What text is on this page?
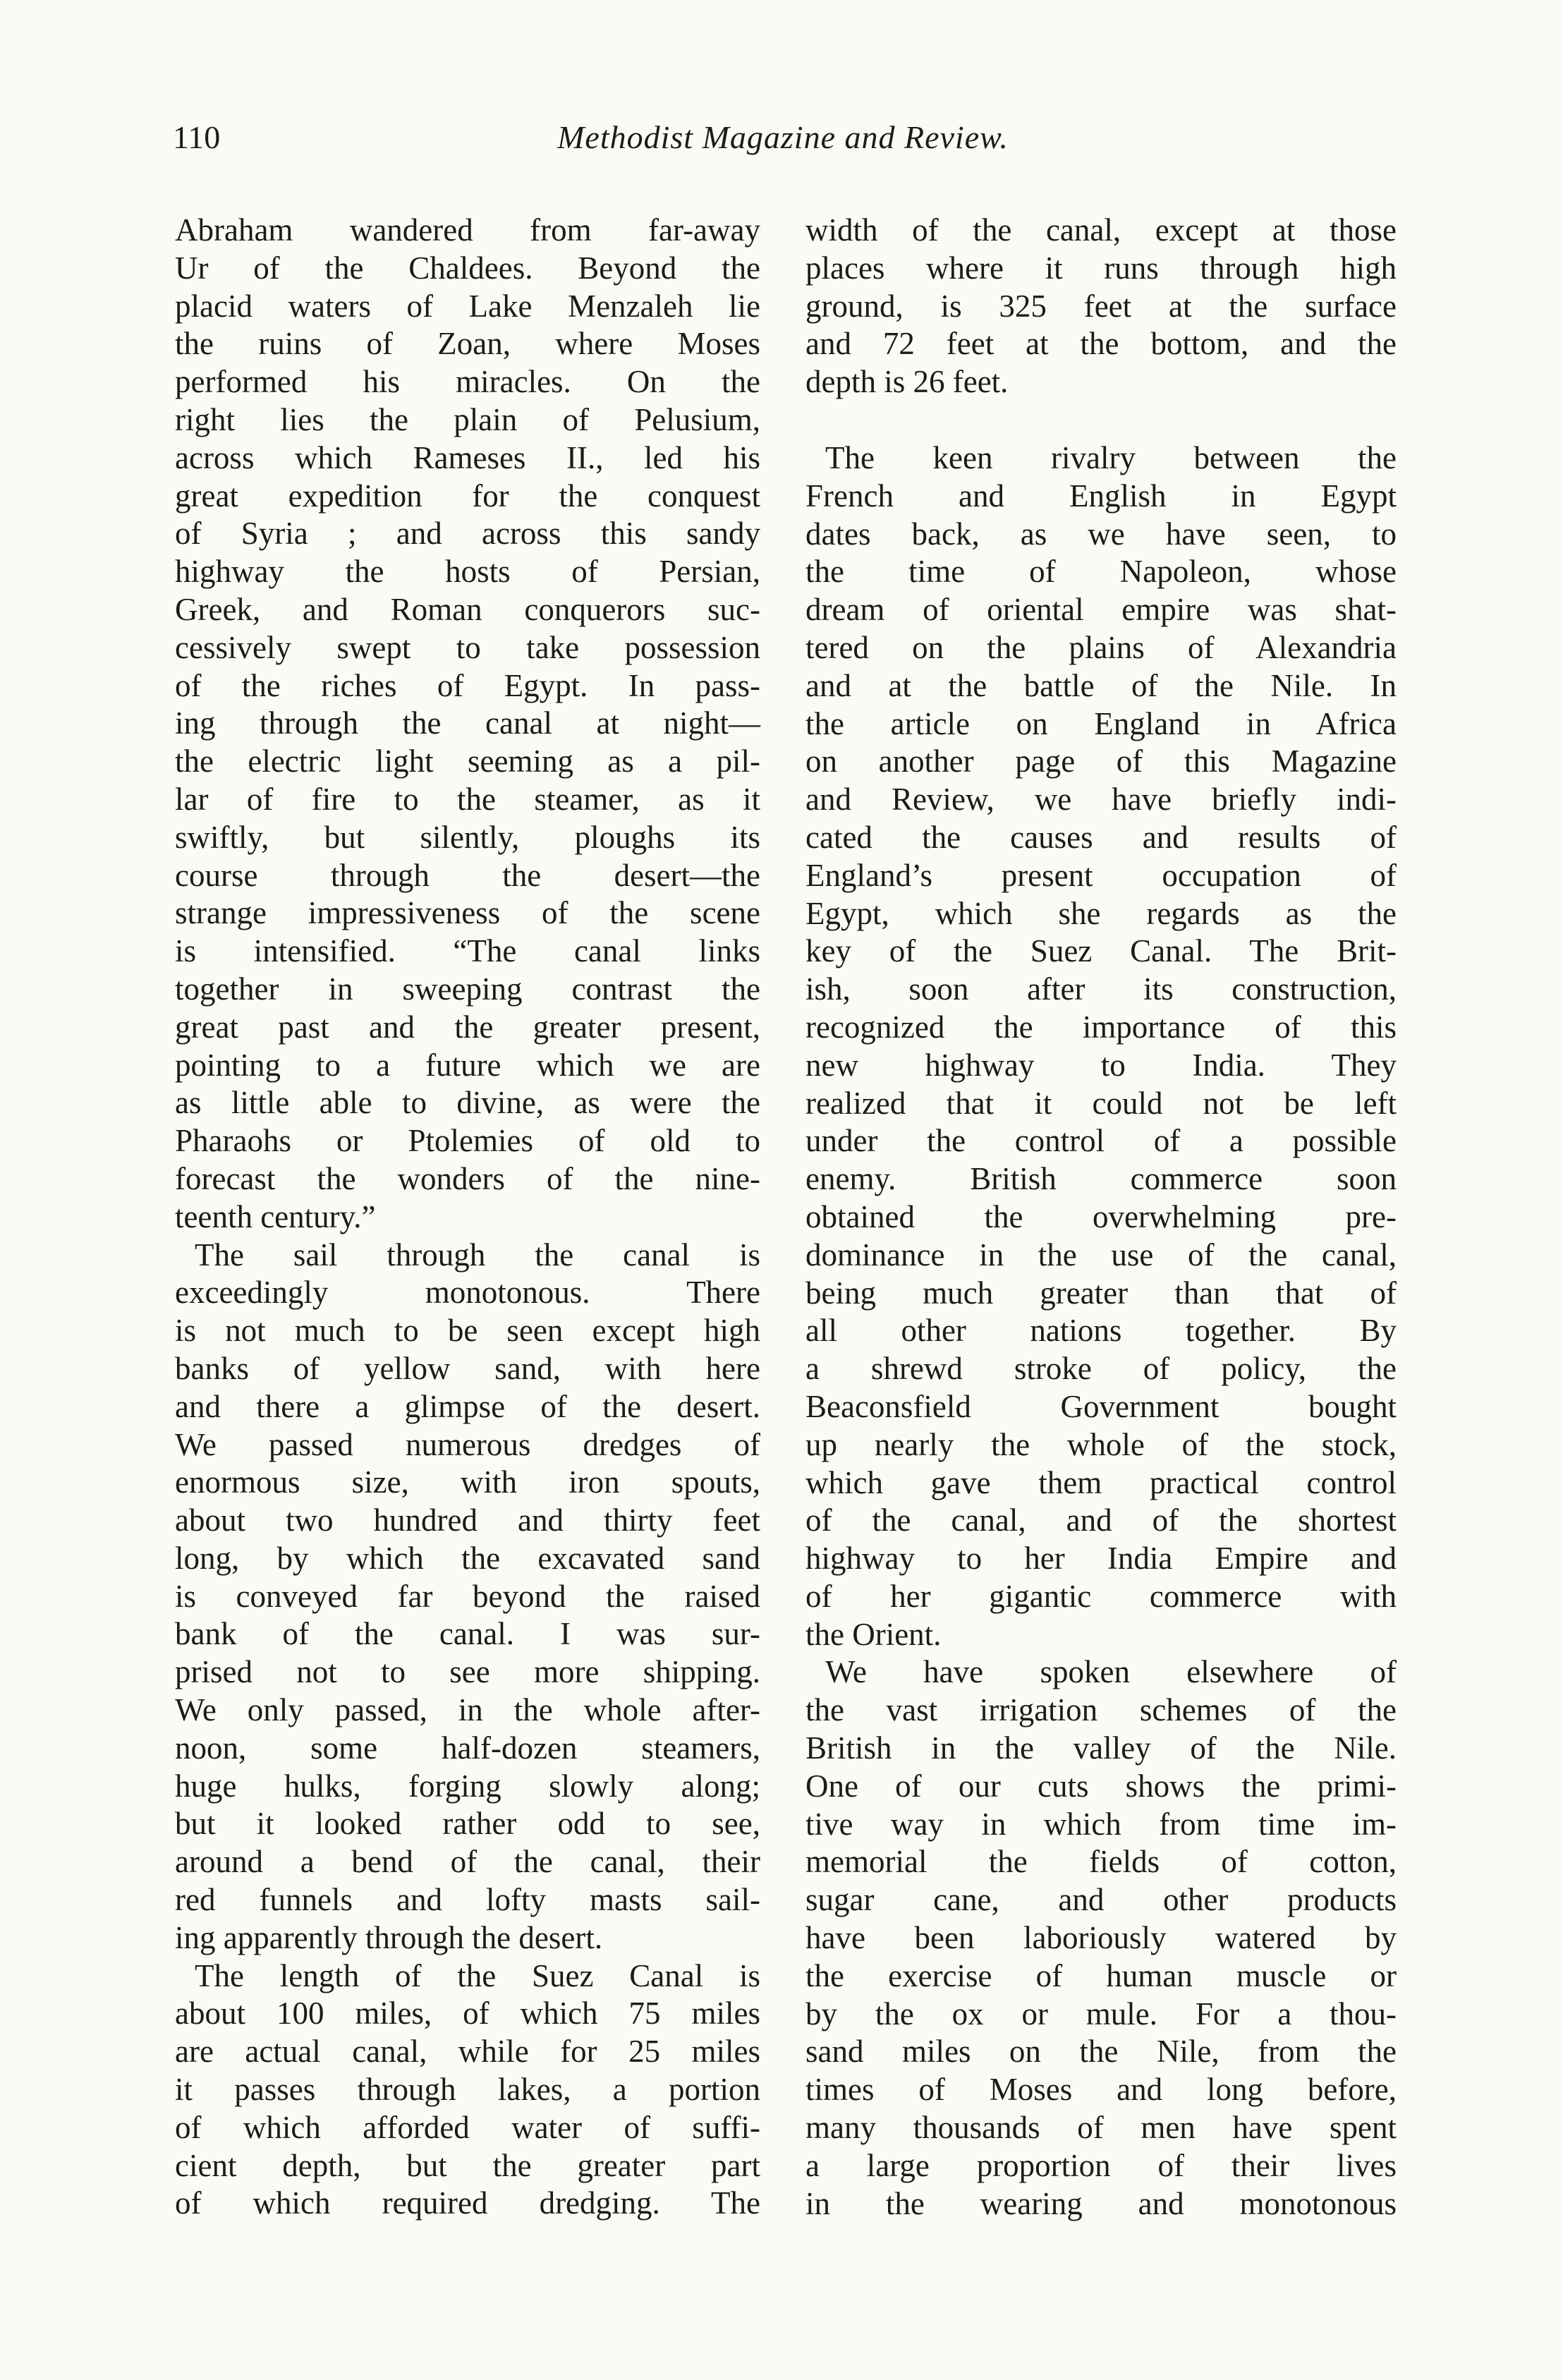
110	Methodist Magazine and Review.
Abraham wandered from far-away
Ur of the Chaldees. Beyond the
placid waters of Lake Menzaleh lie
the ruins of Zoan, where Moses
performed his miracles. On the
right lies the plain of Pelusium,
across which Rameses II., led his
great expedition for the conquest
of Syria ; and across this sandy
highway the hosts of Persian,
Greek, and Roman conquerors suc-
cessively swept to take possession
of the riches of Egypt. In pass-
ing through the canal at night—
the electric light seeming as a pil-
lar of fire to the steamer, as it
swiftly, but silently, ploughs its
course through the desert—the
strange impressiveness of the scene
is intensified. “The canal links
together in sweeping contrast the
great past and the greater present,
pointing to a future which we are
as little able to divine, as were the
Pharaohs or Ptolemies of old to
forecast the wonders of the nine-
teenth century.”
The sail through the canal is
exceedingly monotonous. There
is not much to be seen except high
banks of yellow sand, with here
and there a glimpse of the desert.
We passed numerous dredges of
enormous size, with iron spouts,
about two hundred and thirty feet
long, by which the excavated sand
is conveyed far beyond the raised
bank of the canal. I was sur-
prised not to see more shipping.
We only passed, in the whole after-
noon, some half-dozen steamers,
huge hulks, forging slowly along;
but it looked rather odd to see,
around a bend of the canal, their
red funnels and lofty masts sail-
ing apparently through the desert.
The length of the Suez Canal is
about 100 miles, of which 75 miles
are actual canal, while for 25 miles
it passes through lakes, a portion
of which afforded water of suffi-
cient depth, but the greater part
of which required dredging. The
width of the canal, except at those
places where it runs through high
ground, is 325 feet at the surface
and 72 feet at the bottom, and the
depth is 26 feet.
The keen rivalry between the
French and English in Egypt
dates back, as we have seen, to
the time of Napoleon, whose
dream of oriental empire was shat-
tered on the plains of Alexandria
and at the battle of the Nile. In
the article on England in Africa
on another page of this Magazine
and Review, we have briefly indi-
cated the causes and results of
England’s present occupation of
Egypt, which she regards as the
key of the Suez Canal. The Brit-
ish, soon after its construction,
recognized the importance of this
new highway to India. They
realized that it could not be left
under the control of a possible
enemy. British commerce soon
obtained the overwhelming pre-
dominance in the use of the canal,
being much greater than that of
all other nations together. By
a shrewd stroke of policy, the
Beaconsfield Government bought
up nearly the whole of the stock,
which gave them practical control
of the canal, and of the shortest
highway to her India Empire and
of her gigantic commerce with
the Orient.
We have spoken elsewhere of
the vast irrigation schemes of the
British in the valley of the Nile.
One of our cuts shows the primi-
tive way in which from time im-
memorial the fields of cotton,
sugar cane, and other products
have been laboriously watered by
the exercise of human muscle or
by the ox or mule. For a thou-
sand miles on the Nile, from the
times of Moses and long before,
many thousands of men have spent
a large proportion of their lives
in the wearing and monotonous
